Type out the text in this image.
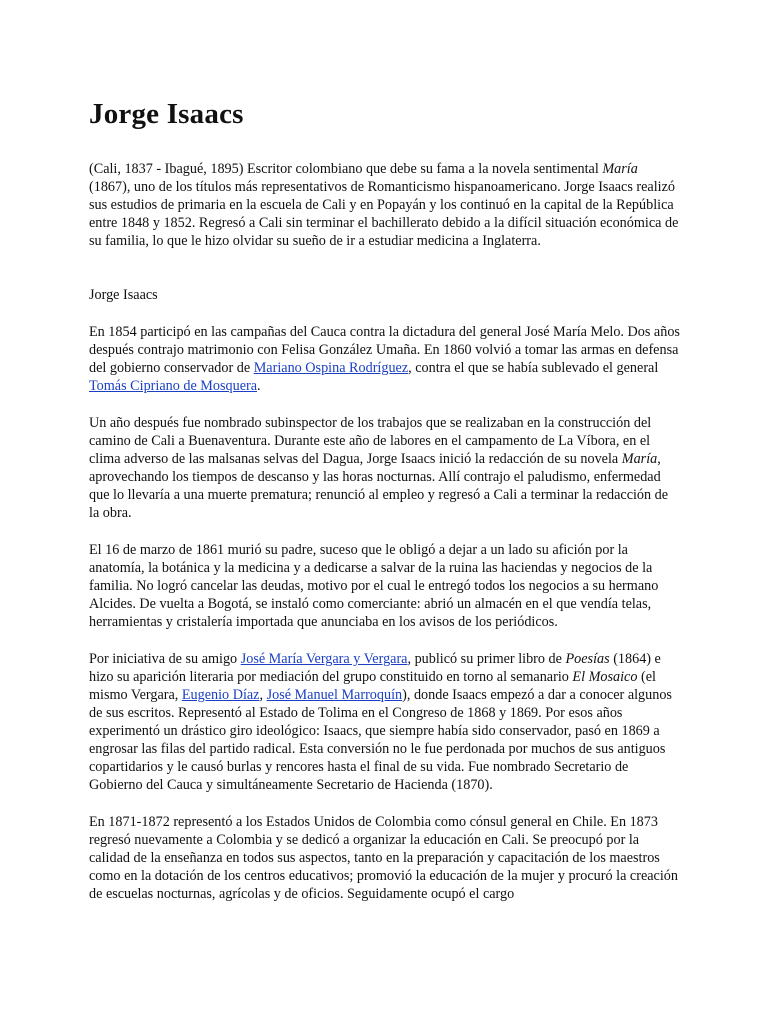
Jorge Isaacs

(Cali, 1837 - Ibagué, 1895) Escritor colombiano que debe su fama a la novela sentimental María (1867), uno de los títulos más representativos de Romanticismo hispanoamericano. Jorge Isaacs realizó sus estudios de primaria en la escuela de Cali y en Popayán y los continuó en la capital de la República entre 1848 y 1852. Regresó a Cali sin terminar el bachillerato debido a la difícil situación económica de su familia, lo que le hizo olvidar su sueño de ir a estudiar medicina a Inglaterra.

Jorge Isaacs

En 1854 participó en las campañas del Cauca contra la dictadura del general José María Melo. Dos años después contrajo matrimonio con Felisa González Umaña. En 1860 volvió a tomar las armas en defensa del gobierno conservador de Mariano Ospina Rodríguez, contra el que se había sublevado el general Tomás Cipriano de Mosquera.

Un año después fue nombrado subinspector de los trabajos que se realizaban en la construcción del camino de Cali a Buenaventura. Durante este año de labores en el campamento de La Víbora, en el clima adverso de las malsanas selvas del Dagua, Jorge Isaacs inició la redacción de su novela María, aprovechando los tiempos de descanso y las horas nocturnas. Allí contrajo el paludismo, enfermedad que lo llevaría a una muerte prematura; renunció al empleo y regresó a Cali a terminar la redacción de la obra.

El 16 de marzo de 1861 murió su padre, suceso que le obligó a dejar a un lado su afición por la anatomía, la botánica y la medicina y a dedicarse a salvar de la ruina las haciendas y negocios de la familia. No logró cancelar las deudas, motivo por el cual le entregó todos los negocios a su hermano Alcides. De vuelta a Bogotá, se instaló como comerciante: abrió un almacén en el que vendía telas, herramientas y cristalería importada que anunciaba en los avisos de los periódicos.

Por iniciativa de su amigo José María Vergara y Vergara, publicó su primer libro de Poesías (1864) e hizo su aparición literaria por mediación del grupo constituido en torno al semanario El Mosaico (el mismo Vergara, Eugenio Díaz, José Manuel Marroquín), donde Isaacs empezó a dar a conocer algunos de sus escritos. Representó al Estado de Tolima en el Congreso de 1868 y 1869. Por esos años experimentó un drástico giro ideológico: Isaacs, que siempre había sido conservador, pasó en 1869 a engrosar las filas del partido radical. Esta conversión no le fue perdonada por muchos de sus antiguos copartidarios y le causó burlas y rencores hasta el final de su vida. Fue nombrado Secretario de Gobierno del Cauca y simultáneamente Secretario de Hacienda (1870).

En 1871-1872 representó a los Estados Unidos de Colombia como cónsul general en Chile. En 1873 regresó nuevamente a Colombia y se dedicó a organizar la educación en Cali. Se preocupó por la calidad de la enseñanza en todos sus aspectos, tanto en la preparación y capacitación de los maestros como en la dotación de los centros educativos; promovió la educación de la mujer y procuró la creación de escuelas nocturnas, agrícolas y de oficios. Seguidamente ocupó el cargo
